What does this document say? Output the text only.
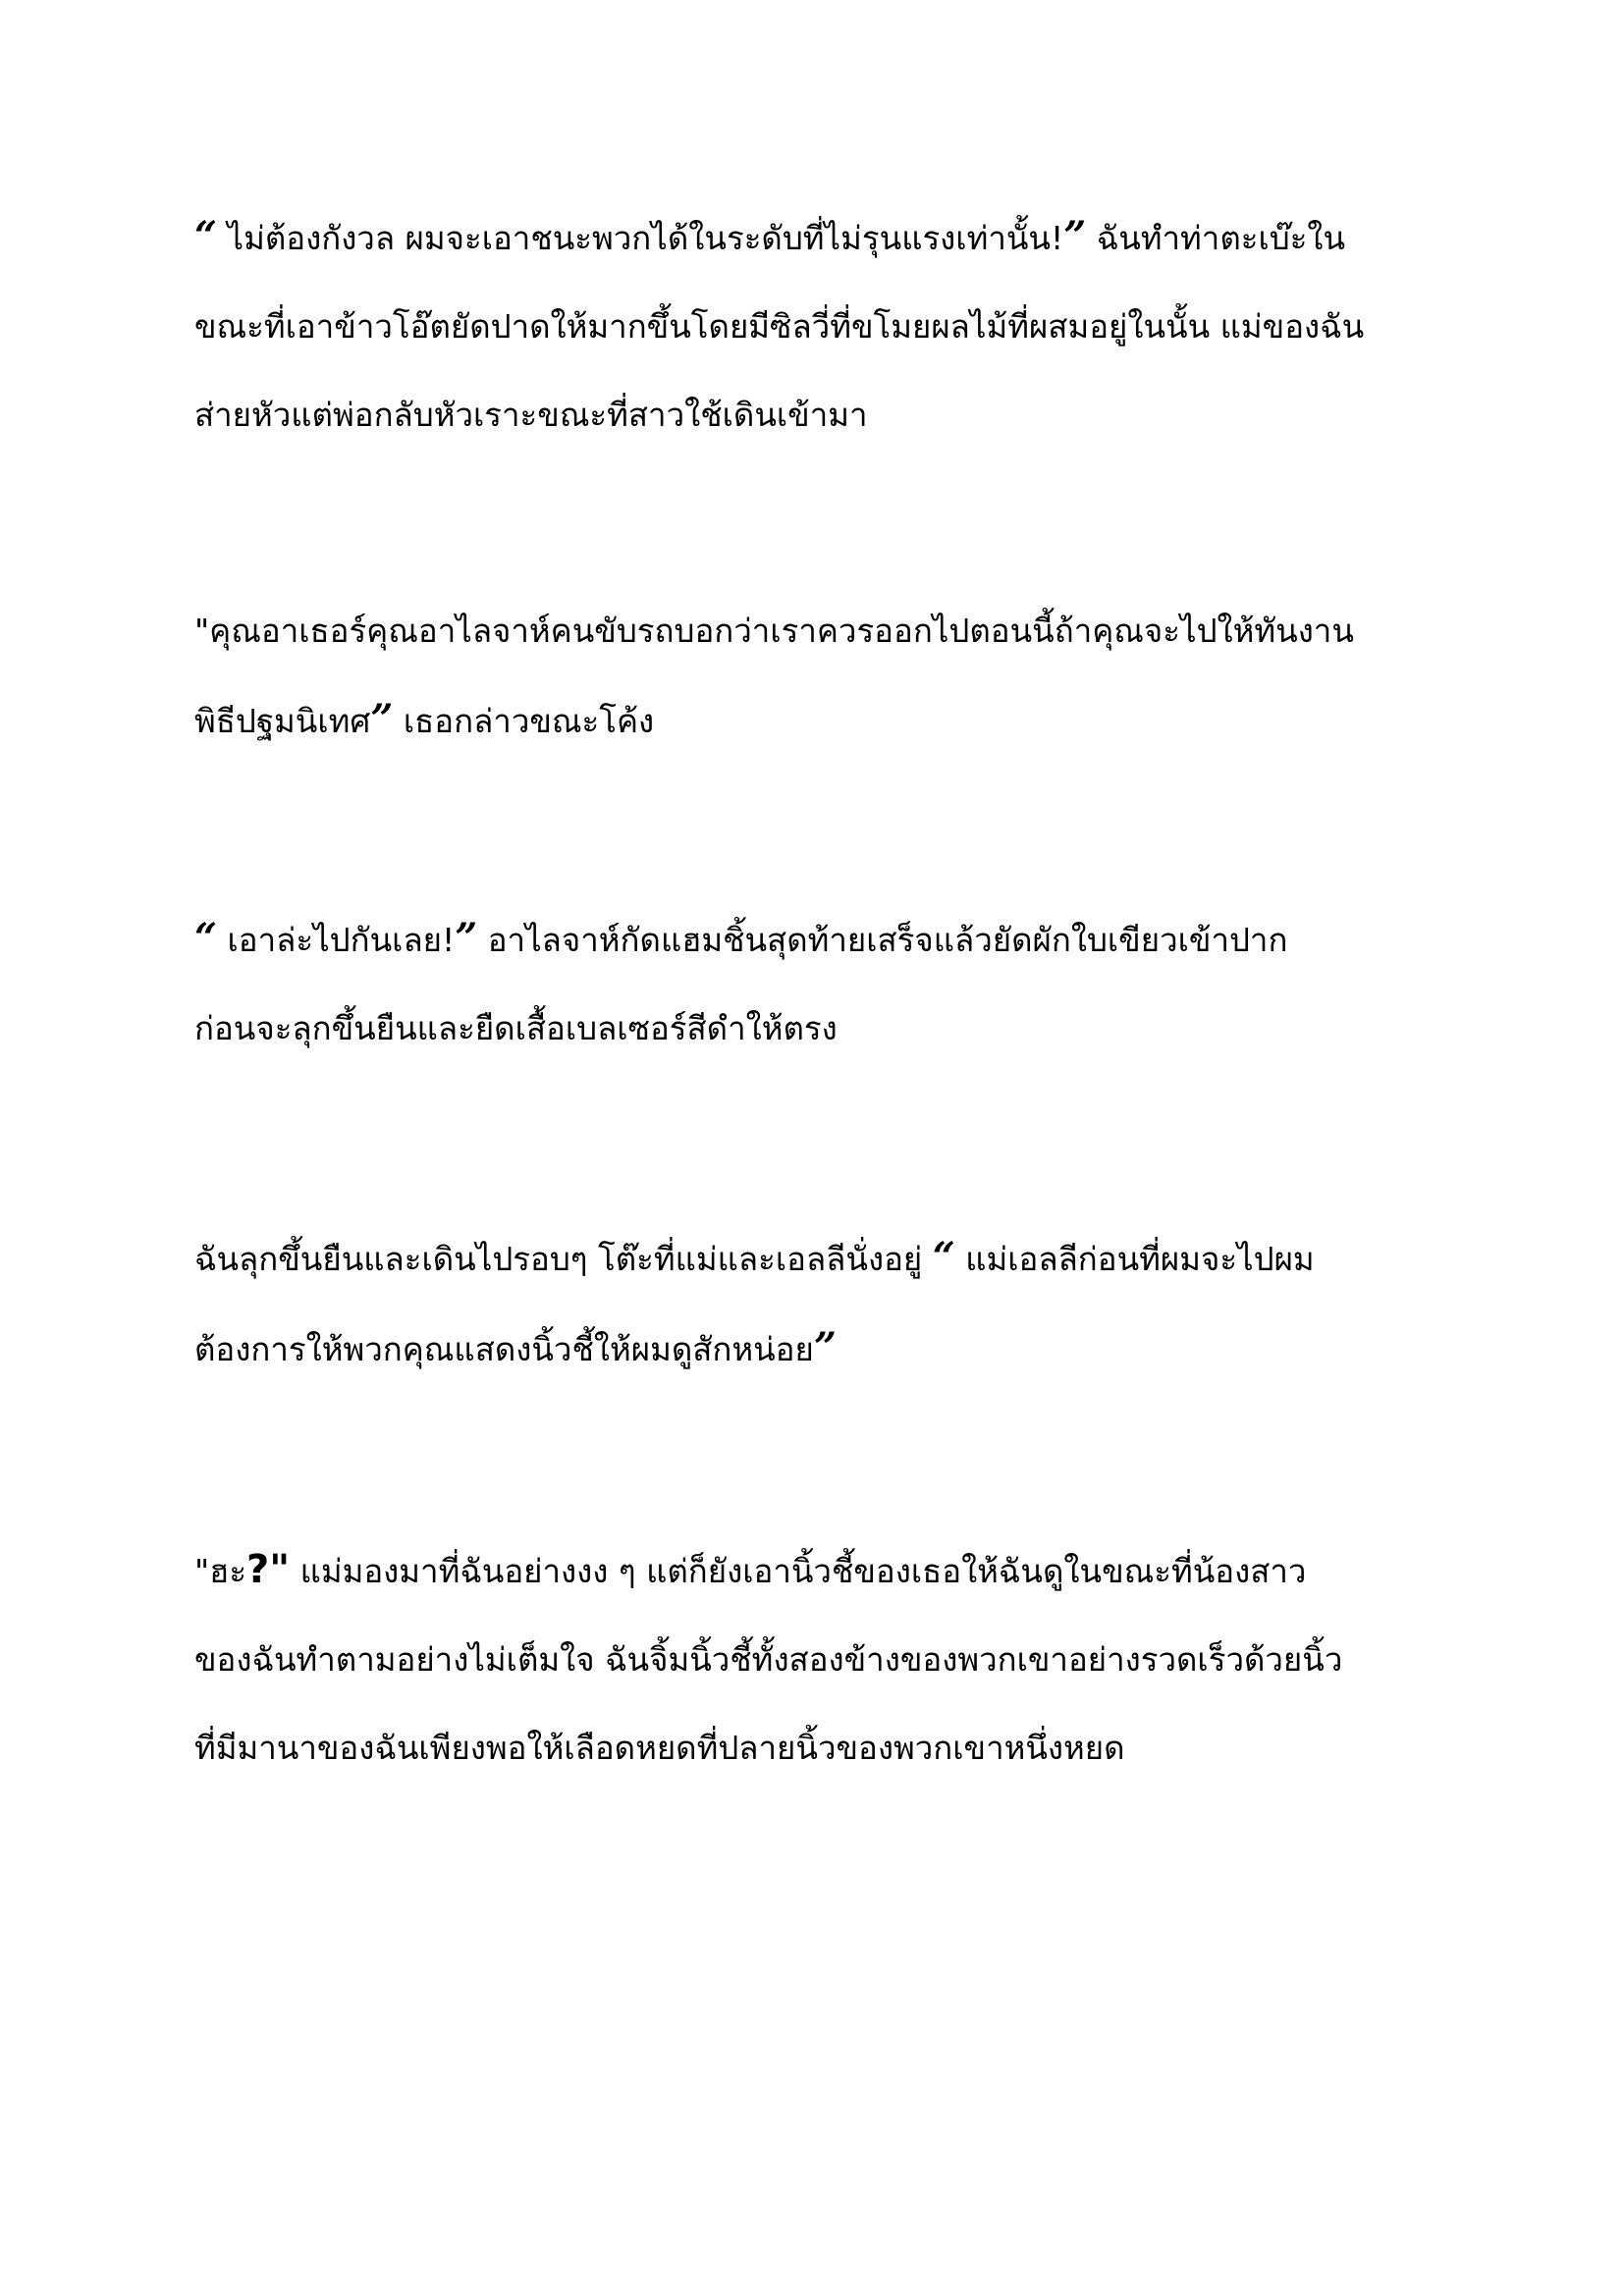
“ ไม่ต้องกังวล ผมจะเอาชนะพวกได้ในระดับที่ไม่รุนแรงเท่านั้น!” ฉันทำท่าตะเบ๊ะใน
ขณะที่เอาข้าวโอ๊ตยัดปาดให้มากขึ้นโดยมีซิลวี่ที่ขโมยผลไม้ที่ผสมอยู่ในนั้น แม่ของฉัน
ส่ายหัวแต่พ่อกลับหัวเราะขณะที่สาวใช้เดินเข้ามา

"คุณอาเธอร์คุณอาไลจาห์คนขับรถบอกว่าเราควรออกไปตอนนี้ถ้าคุณจะไปให้ทันงาน
พิธีปฐมนิเทศ” เธอกล่าวขณะโค้ง

“ เอาล่ะไปกันเลย!” อาไลจาห์กัดแฮมชิ้นสุดท้ายเสร็จแล้วยัดผักใบเขียวเข้าปาก
ก่อนจะลุกขึ้นยืนและยืดเสื้อเบลเซอร์สีดำให้ตรง

ฉันลุกขึ้นยืนและเดินไปรอบๆ โต๊ะที่แม่และเอลลีนั่งอยู่ “ แม่เอลลีก่อนที่ผมจะไปผม
ต้องการให้พวกคุณแสดงนิ้วชี้ให้ผมดูสักหน่อย”

"ฮะ?" แม่มองมาที่ฉันอย่างงง ๆ แต่ก็ยังเอานิ้วชี้ของเธอให้ฉันดูในขณะที่น้องสาว
ของฉันทำตามอย่างไม่เต็มใจ ฉันจิ้มนิ้วชี้ทั้งสองข้างของพวกเขาอย่างรวดเร็วด้วยนิ้ว
ที่มีมานาของฉันเพียงพอให้เลือดหยดที่ปลายนิ้วของพวกเขาหนึ่งหยด
